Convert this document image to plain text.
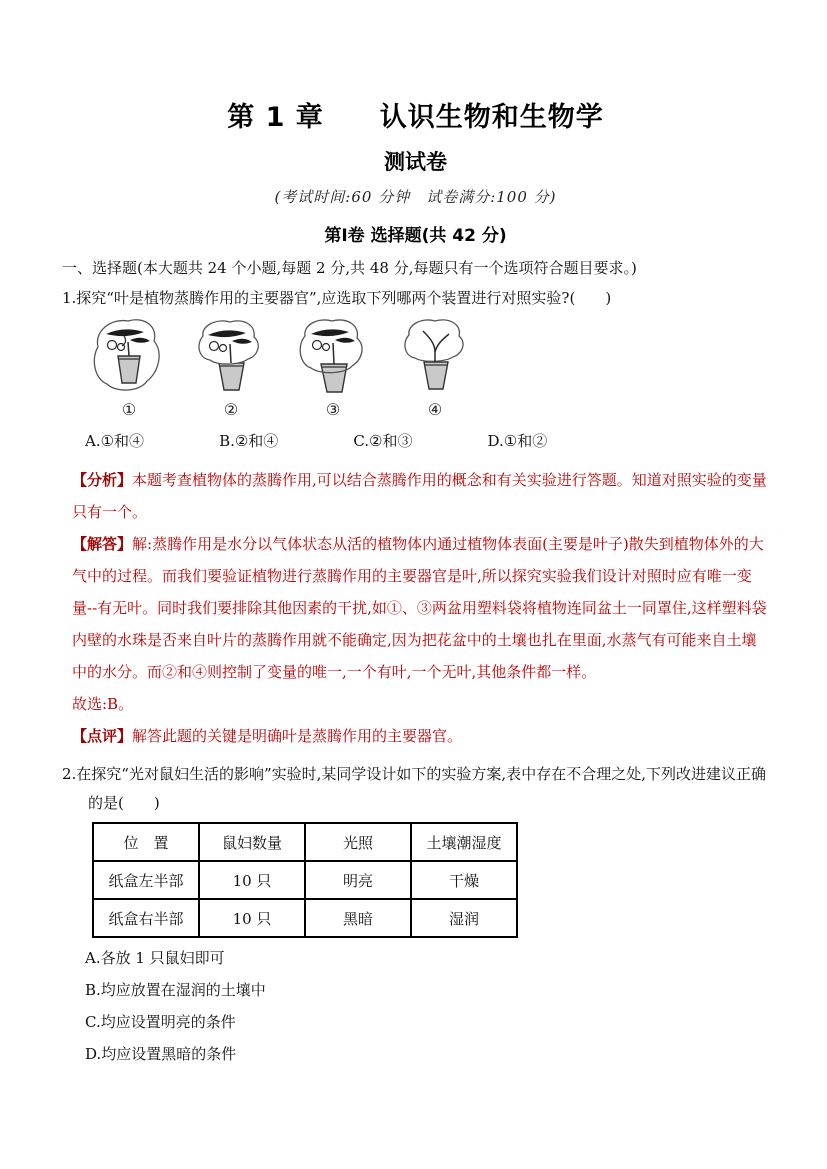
第 1 章　　认识生物和生物学
测试卷
(考试时间:60 分钟　试卷满分:100 分)
第Ⅰ卷 选择题(共 42 分)
一、选择题(本大题共 24 个小题,每题 2 分,共 48 分,每题只有一个选项符合题目要求。)
1.探究“叶是植物蒸腾作用的主要器官”,应选取下列哪两个装置进行对照实验?(　　)
①	②	③	④
A.①和④	B.②和④	C.②和③	D.①和②
【分析】本题考查植物体的蒸腾作用,可以结合蒸腾作用的概念和有关实验进行答题。知道对照实验的变量只有一个。
【解答】解:蒸腾作用是水分以气体状态从活的植物体内通过植物体表面(主要是叶子)散失到植物体外的大气中的过程。而我们要验证植物进行蒸腾作用的主要器官是叶,所以探究实验我们设计对照时应有唯一变量--有无叶。同时我们要排除其他因素的干扰,如①、③两盆用塑料袋将植物连同盆土一同罩住,这样塑料袋内壁的水珠是否来自叶片的蒸腾作用就不能确定,因为把花盆中的土壤也扎在里面,水蒸气有可能来自土壤中的水分。而②和④则控制了变量的唯一,一个有叶,一个无叶,其他条件都一样。
故选:B。
【点评】解答此题的关键是明确叶是蒸腾作用的主要器官。
2.在探究“光对鼠妇生活的影响”实验时,某同学设计如下的实验方案,表中存在不合理之处,下列改进建议正确的是(　　)
位　置	鼠妇数量	光照	土壤潮湿度
纸盒左半部	10 只	明亮	干燥
纸盒右半部	10 只	黑暗	湿润
A.各放 1 只鼠妇即可
B.均应放置在湿润的土壤中
C.均应设置明亮的条件
D.均应设置黑暗的条件
